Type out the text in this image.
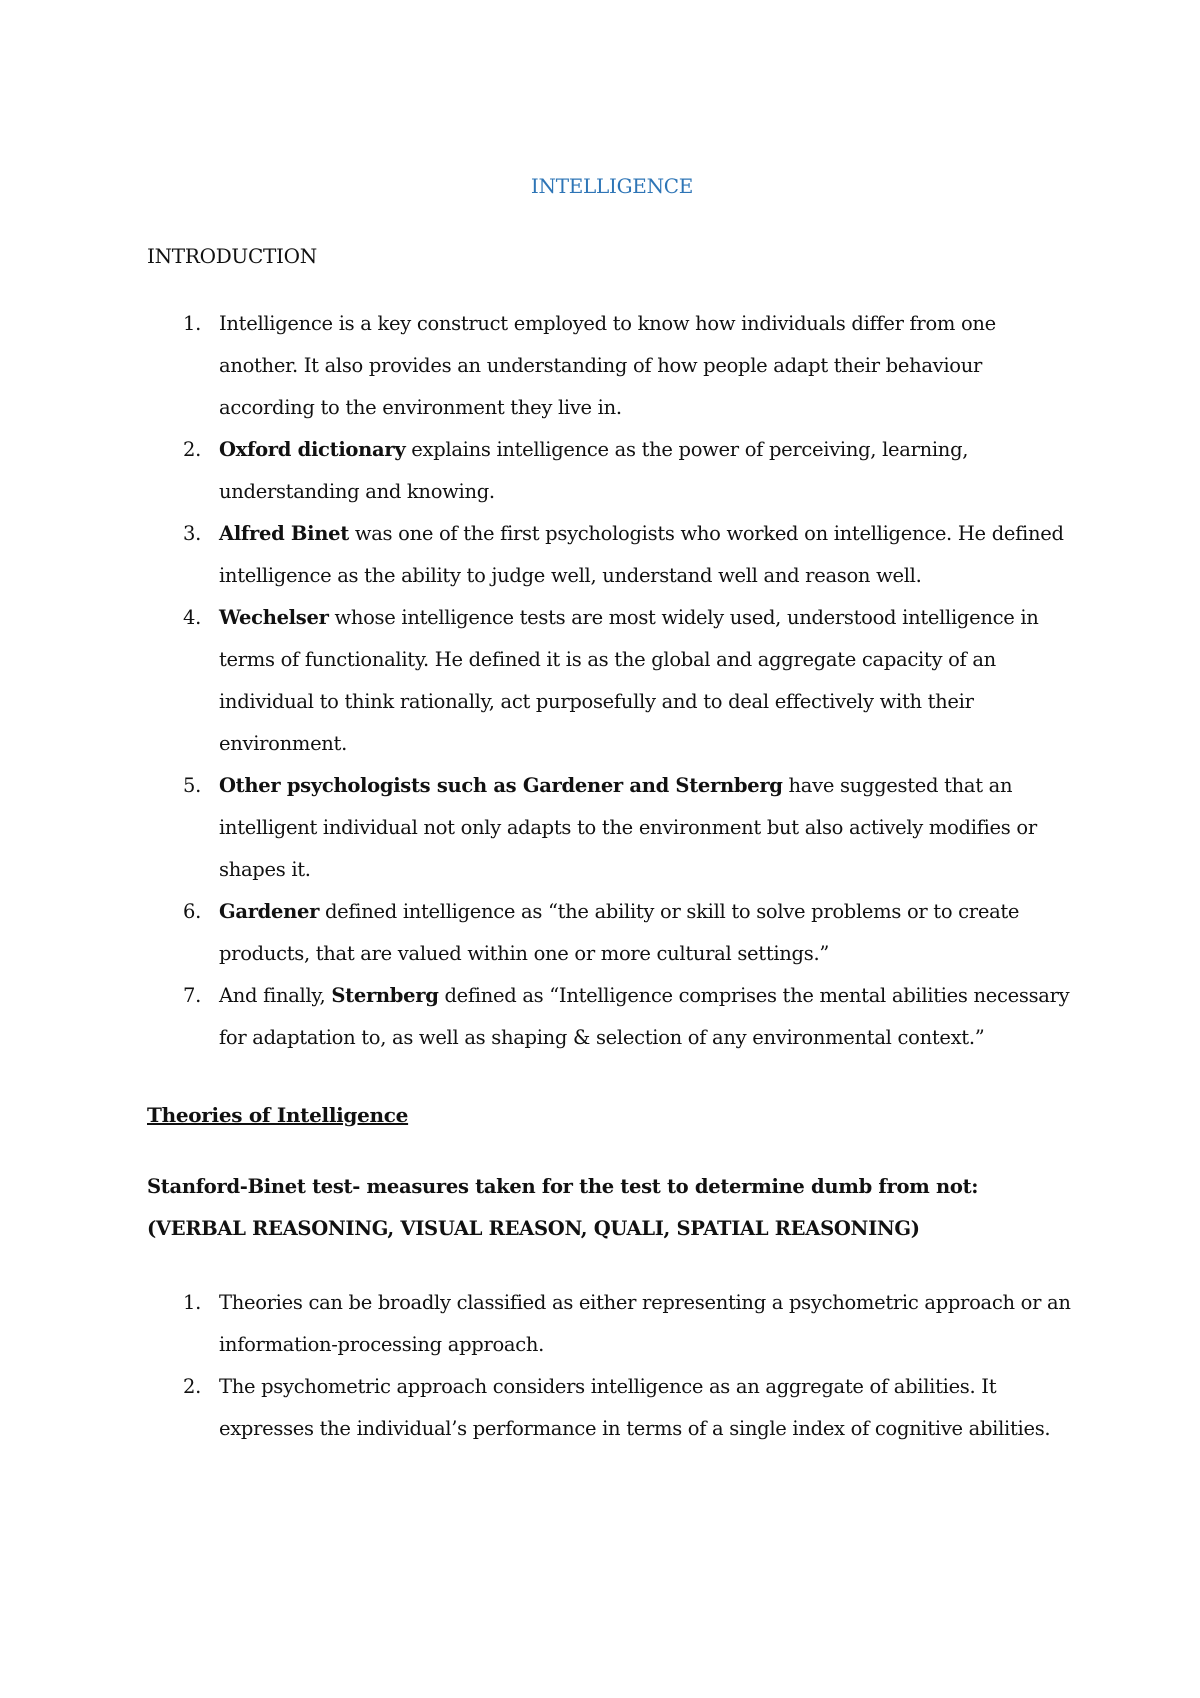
INTELLIGENCE
INTRODUCTION
1. Intelligence is a key construct employed to know how individuals differ from one another. It also provides an understanding of how people adapt their behaviour according to the environment they live in.
2. Oxford dictionary explains intelligence as the power of perceiving, learning, understanding and knowing.
3. Alfred Binet was one of the first psychologists who worked on intelligence. He defined intelligence as the ability to judge well, understand well and reason well.
4. Wechelser whose intelligence tests are most widely used, understood intelligence in terms of functionality. He defined it is as the global and aggregate capacity of an individual to think rationally, act purposefully and to deal effectively with their environment.
5. Other psychologists such as Gardener and Sternberg have suggested that an intelligent individual not only adapts to the environment but also actively modifies or shapes it.
6. Gardener defined intelligence as “the ability or skill to solve problems or to create products, that are valued within one or more cultural settings.”
7. And finally, Sternberg defined as “Intelligence comprises the mental abilities necessary for adaptation to, as well as shaping & selection of any environmental context.”
Theories of Intelligence
Stanford-Binet test- measures taken for the test to determine dumb from not:
(VERBAL REASONING, VISUAL REASON, QUALI, SPATIAL REASONING)
1. Theories can be broadly classified as either representing a psychometric approach or an information-processing approach.
2. The psychometric approach considers intelligence as an aggregate of abilities. It expresses the individual’s performance in terms of a single index of cognitive abilities.
